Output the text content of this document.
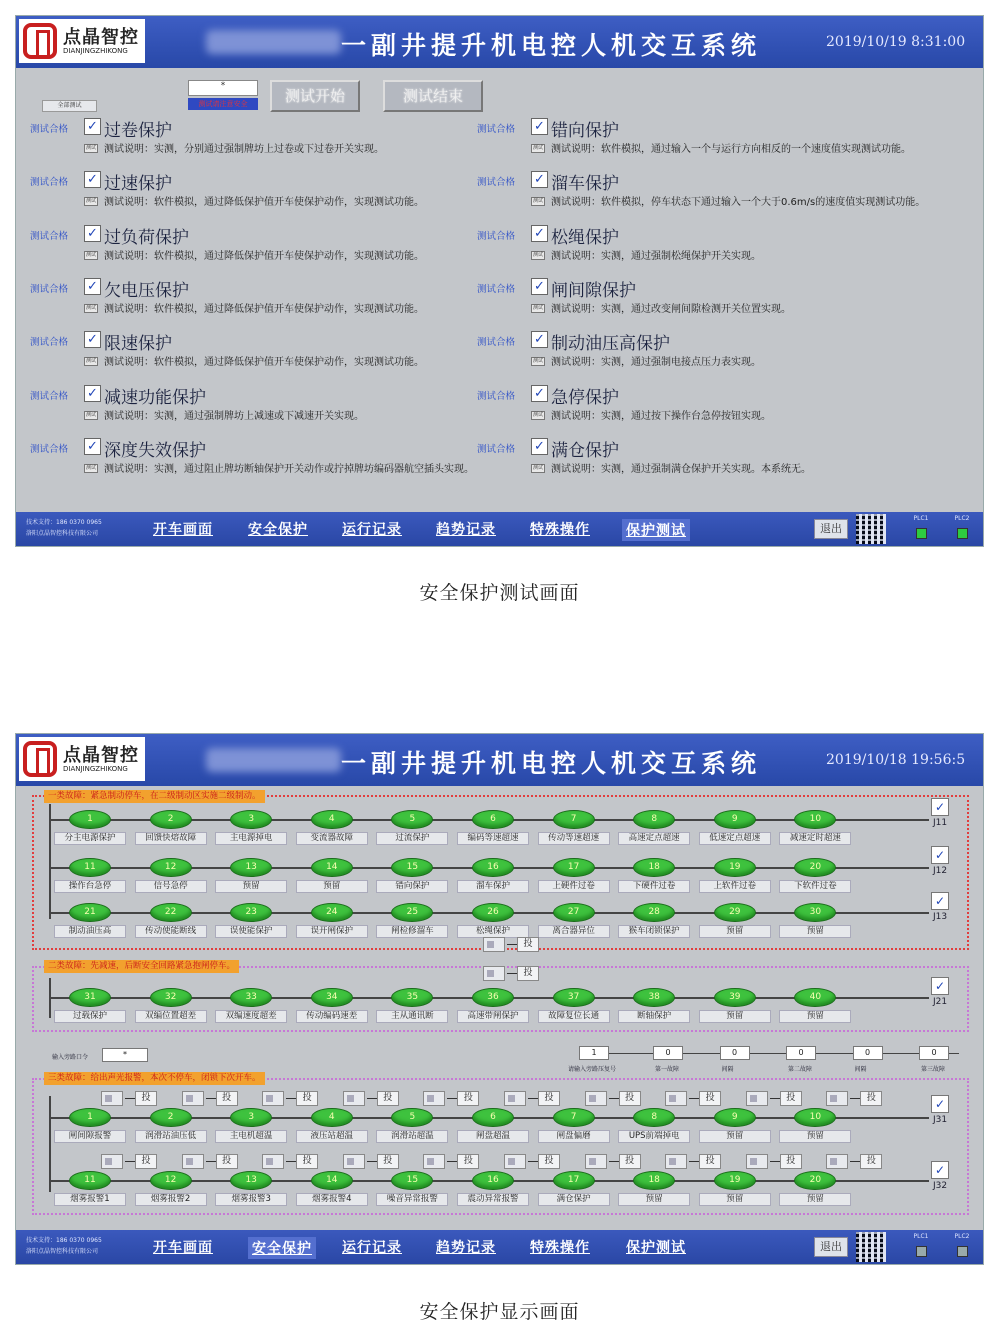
点晶智控
DIANJINGZHIKONG	一副井提升机电控人机交互系统	2019/10/19 8:31:00
*
测试请注意安全
全部测试
测试开始	测试结束
测试合格 ✓ 过卷保护
测试 测试说明：实测，分别通过强制牌坊上过卷或下过卷开关实现。
测试合格 ✓ 过速保护
测试 测试说明：软件模拟，通过降低保护值开车使保护动作，实现测试功能。
测试合格 ✓ 过负荷保护
测试 测试说明：软件模拟，通过降低保护值开车使保护动作，实现测试功能。
测试合格 ✓ 欠电压保护
测试 测试说明：软件模拟，通过降低保护值开车使保护动作，实现测试功能。
测试合格 ✓ 限速保护
测试 测试说明：软件模拟，通过降低保护值开车使保护动作，实现测试功能。
测试合格 ✓ 减速功能保护
测试 测试说明：实测，通过强制牌坊上减速或下减速开关实现。
测试合格 ✓ 深度失效保护
测试 测试说明：实测，通过阻止牌坊断轴保护开关动作或拧掉牌坊编码器航空插头实现。
测试合格 ✓ 错向保护
测试 测试说明：软件模拟，通过输入一个与运行方向相反的一个速度值实现测试功能。
测试合格 ✓ 溜车保护
测试 测试说明：软件模拟，停车状态下通过输入一个大于0.6m/s的速度值实现测试功能。
测试合格 ✓ 松绳保护
测试 测试说明：实测，通过强制松绳保护开关实现。
测试合格 ✓ 闸间隙保护
测试 测试说明：实测，通过改变闸间隙检测开关位置实现。
测试合格 ✓ 制动油压高保护
测试 测试说明：实测，通过强制电接点压力表实现。
测试合格 ✓ 急停保护
测试 测试说明：实测，通过按下操作台急停按钮实现。
测试合格 ✓ 满仓保护
测试 测试说明：实测，通过强制满仓保护开关实现。本系统无。
技术支持：186 0370 0965
洛阳点晶智控科技有限公司	开车画面	安全保护 运行记录 趋势记录 特殊操作	保护测试	退出
PLC1	PLC2
安全保护测试画面
点晶智控
DIANJINGZHIKONG	一副井提升机电控人机交互系统	2019/10/18 19:56:5
一类故障：紧急制动停车，在二级制动区实施二级制动。
二类故障：先减速，后断安全回路紧急抱闸停车。
三类故障：给出声光报警，本次不停车，闭锁下次开车。
1
分主电源保护
2
回馈快熔故障
3
主电源掉电
4
变流器故障
5
过流保护
6
编码等速超速
7
传动等速超速
8
高速定点超速
9
低速定点超速
10
减速定时超速
11
操作台急停
12
信号急停
13
预留
14
预留
15
错向保护
16
溜车保护
17
上硬件过卷
18
下硬件过卷
19
上软件过卷
20
下软件过卷
21
制动油压高
22
传动使能断线
23
误使能保护
24
误开闸保护
25
闸检修溜车
26
松绳保护
27
离合器异位
28
猴车闭锁保护
29
预留
30
预留
31
过载保护
32
双编位置超差
33
双编速度超差
34
传动编码速差
35
主从通讯断
36
高速带闸保护
37
故障复位长通
38
断轴保护
39
预留
40
预留
投
1
闸间隙报警
投
2
润滑站油压低
投
3
主电机超温
投
4
液压站超温
投
5
润滑站超温
投
6
闸盘超温
投
7
闸盘偏磨
投
8
UPS前端掉电
投
9
预留
投
10
预留
投
11
烟雾报警1
投
12
烟雾报警2
投
13
烟雾报警3
投
14
烟雾报警4
投
15
噪音异常报警
投
16
震动异常报警
投
17
满仓保护
投
18
预留
投
19
预留
投
20
预留
投
投
✓
J11
✓
J12
✓
J13
✓
J21
✓
J31
✓
J32
输入旁路口令	*	1
请输入旁路压复号
0
第一故障
0
间隔
0
第二故障
0
间隔
0
第三故障
技术支持：186 0370 0965
洛阳点晶智控科技有限公司	开车画面	安全保护 运行记录 趋势记录 特殊操作	保护测试	退出
PLC1	PLC2
安全保护显示画面
